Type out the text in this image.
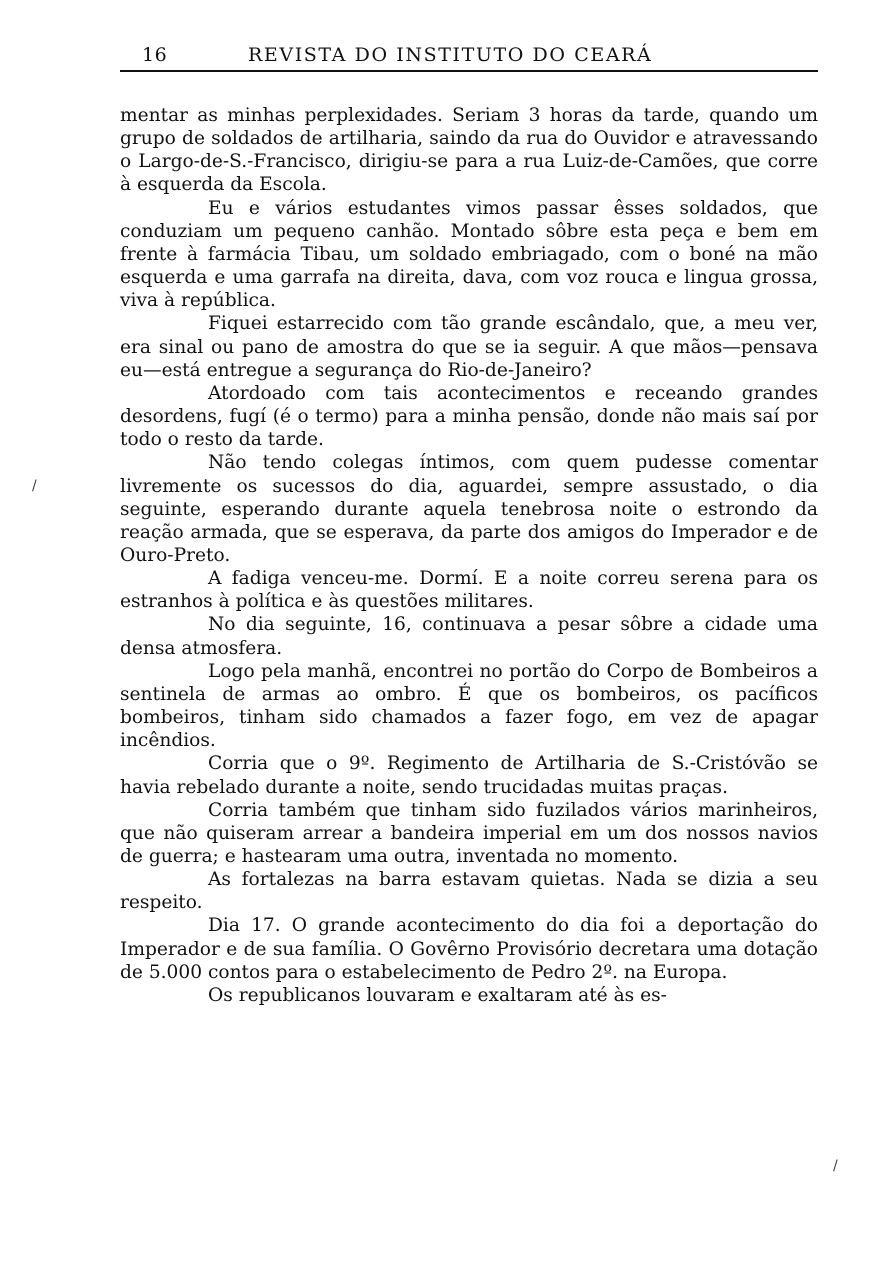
16	REVISTA DO INSTITUTO DO CEARÁ

mentar as minhas perplexidades. Seriam 3 horas da tarde, quando um grupo de soldados de artilharia, saindo da rua do Ouvidor e atravessando o Largo-de-S.-Francisco, dirigiu-se para a rua Luiz-de-Camões, que corre à esquerda da Escola.

Eu e vários estudantes vimos passar êsses soldados, que conduziam um pequeno canhão. Montado sôbre esta peça e bem em frente à farmácia Tibau, um soldado embriagado, com o boné na mão esquerda e uma garrafa na direita, dava, com voz rouca e lingua grossa, viva à república.

Fiquei estarrecido com tão grande escândalo, que, a meu ver, era sinal ou pano de amostra do que se ia seguir. A que mãos—pensava eu—está entregue a segurança do Rio-de-Janeiro?

Atordoado com tais acontecimentos e receando grandes desordens, fugí (é o termo) para a minha pensão, donde não mais saí por todo o resto da tarde.

Não tendo colegas íntimos, com quem pudesse comentar livremente os sucessos do dia, aguardei, sempre assustado, o dia seguinte, esperando durante aquela tenebrosa noite o estrondo da reação armada, que se esperava, da parte dos amigos do Imperador e de Ouro-Preto.

A fadiga venceu-me. Dormí. E a noite correu serena para os estranhos à política e às questões militares.

No dia seguinte, 16, continuava a pesar sôbre a cidade uma densa atmosfera.

Logo pela manhã, encontrei no portão do Corpo de Bombeiros a sentinela de armas ao ombro. É que os bombeiros, os pacíficos bombeiros, tinham sido chamados a fazer fogo, em vez de apagar incêndios.

Corria que o 9º. Regimento de Artilharia de S.-Cristóvão se havia rebelado durante a noite, sendo trucidadas muitas praças.

Corria também que tinham sido fuzilados vários marinheiros, que não quiseram arrear a bandeira imperial em um dos nossos navios de guerra; e hastearam uma outra, inventada no momento.

As fortalezas na barra estavam quietas. Nada se dizia a seu respeito.

Dia 17. O grande acontecimento do dia foi a deportação do Imperador e de sua família. O Govêrno Provisório decretara uma dotação de 5.000 contos para o estabelecimento de Pedro 2º. na Europa.

Os republicanos louvaram e exaltaram até às es-

/
/
